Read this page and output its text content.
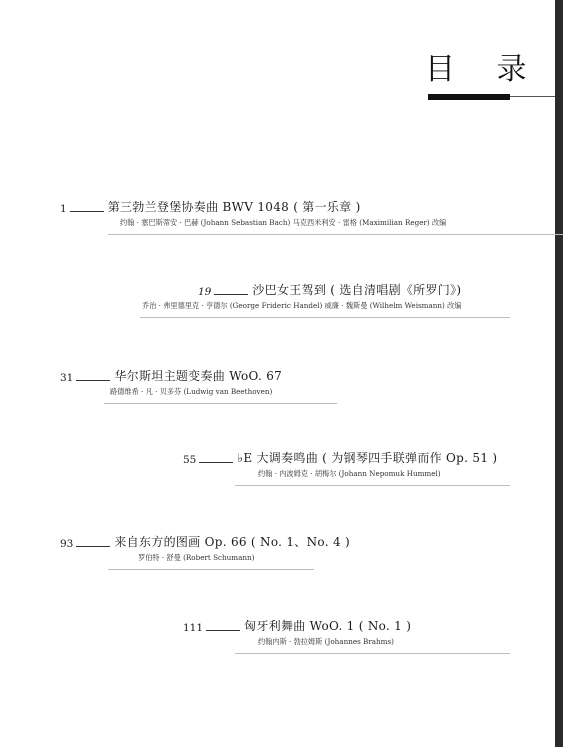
目 录
1	第三勃兰登堡协奏曲 BWV 1048 ( 第一乐章 )
约翰 · 塞巴斯蒂安 · 巴赫 (Johann Sebastian Bach) 马克西米利安 · 雷格 (Maximilian Reger) 改编
19	沙巴女王驾到 ( 选自清唱剧《所罗门》)
乔治 · 弗里德里克 · 亨德尔 (George Frideric Handel) 威廉 · 魏斯曼 (Wilhelm Weismann) 改编
31	华尔斯坦主题变奏曲 WoO. 67
路德维希 · 凡 · 贝多芬 (Ludwig van Beethoven)
55	♭E 大调奏鸣曲 ( 为钢琴四手联弹而作 Op. 51 )
约翰 · 内波姆克 · 胡梅尔 (Johann Nepomuk Hummel)
93	来自东方的图画 Op. 66 ( No. 1、No. 4 )
罗伯特 · 舒曼 (Robert Schumann)
111	匈牙利舞曲 WoO. 1 ( No. 1 )
约翰内斯 · 勃拉姆斯 (Johannes Brahms)
